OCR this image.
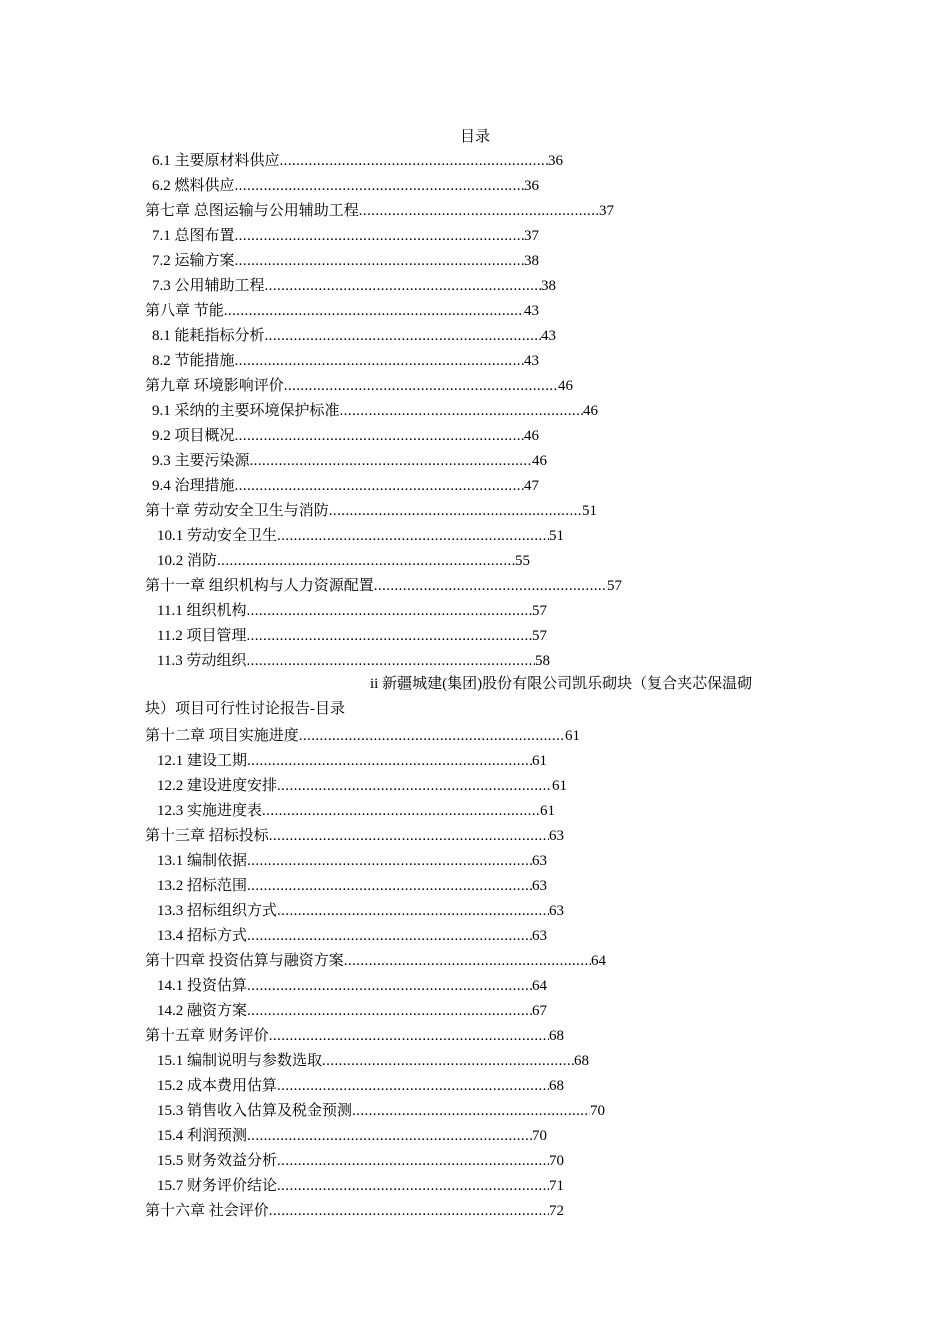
目录
6.1 主要原材料供应 .....	36
6.2 燃料供应 .....	36
第七章 总图运输与公用辅助工程 .....	37
7.1 总图布置 .....	37
7.2 运输方案 .....	38
7.3 公用辅助工程 .....	38
第八章 节能 .....	43
8.1 能耗指标分析 .....	43
8.2 节能措施 .....	43
第九章 环境影响评价 .....	46
9.1 采纳的主要环境保护标准 .....	46
9.2 项目概况 .....	46
9.3 主要污染源 .....	46
9.4 治理措施 .....	47
第十章 劳动安全卫生与消防 .....	51
10.1 劳动安全卫生 .....	51
10.2 消防 .....	55
第十一章 组织机构与人力资源配置 .....	57
11.1 组织机构 .....	57
11.2 项目管理 .....	57
11.3 劳动组织 .....	58
第十二章 项目实施进度 .....	61
12.1 建设工期 .....	61
12.2 建设进度安排 .....	61
12.3 实施进度表 .....	61
第十三章 招标投标 .....	63
13.1 编制依据 .....	63
13.2 招标范围 .....	63
13.3 招标组织方式 .....	63
13.4 招标方式 .....	63
第十四章 投资估算与融资方案 .....	64
14.1 投资估算 .....	64
14.2 融资方案 .....	67
第十五章 财务评价 .....	68
15.1 编制说明与参数选取 .....	68
15.2 成本费用估算 .....	68
15.3 销售收入估算及税金预测 .....	70
15.4 利润预测 .....	70
15.5 财务效益分析 .....	70
15.7 财务评价结论 .....	71
第十六章 社会评价 .....	72
ii 新疆城建(集团)股份有限公司凯乐砌块（复合夹芯保温砌
块）项目可行性讨论报告-目录
